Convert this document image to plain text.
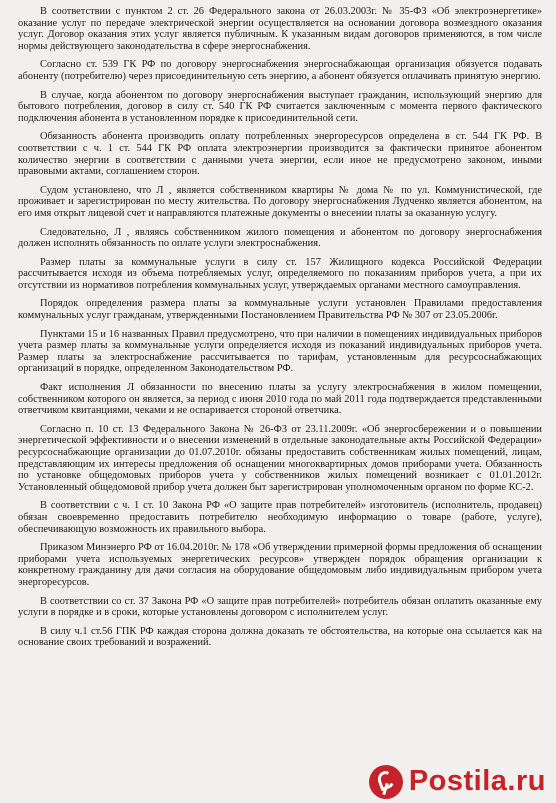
В соответствии с пунктом 2 ст. 26 Федерального закона от 26.03.2003г. № 35-ФЗ «Об электроэнергетике» оказание услуг по передаче электрической энергии осуществляется на основании договора возмездного оказания услуг. Договор оказания этих услуг является публичным. К указанным видам договоров применяются, в том числе нормы действующего законодательства в сфере энергоснабжения.

Согласно ст. 539 ГК РФ по договору энергоснабжения энергоснабжающая организация обязуется подавать абоненту (потребителю) через присоединительную сеть энергию, а абонент обязуется оплачивать принятую энергию.

В случае, когда абонентом по договору энергоснабжения выступает гражданин, использующий энергию для бытового потребления, договор в силу ст. 540 ГК РФ считается заключенным с момента первого фактического подключения абонента в установленном порядке к присоединительной сети.

Обязанность абонента производить оплату потребленных энергоресурсов определена в ст. 544 ГК РФ. В соответствии с ч. 1 ст. 544 ГК РФ оплата электроэнергии производится за фактически принятое абонентом количество энергии в соответствии с данными учета энергии, если иное не предусмотрено законом, иными правовыми актами, соглашением сторон.

Судом установлено, что Л , является собственником квартиры № дома № по ул. Коммунистической, где проживает и зарегистрирован по месту жительства. По договору энергоснабжения Лудченко является абонентом, на его имя открыт лицевой счет и направляются платежные документы о внесении платы за оказанную услугу.

Следовательно, Л , являясь собственником жилого помещения и абонентом по договору энергоснабжения должен исполнять обязанность по оплате услуги электроснабжения.

Размер платы за коммунальные услуги в силу ст. 157 Жилищного кодекса Российской Федерации рассчитывается исходя из объема потребляемых услуг, определяемого по показаниям приборов учета, а при их отсутствии из нормативов потребления коммунальных услуг, утверждаемых органами местного самоуправления.

Порядок определения размера платы за коммунальные услуги установлен Правилами предоставления коммунальных услуг гражданам, утвержденными Постановлением Правительства РФ № 307 от 23.05.2006г.

Пунктами 15 и 16 названных Правил предусмотрено, что при наличии в помещениях индивидуальных приборов учета размер платы за коммунальные услуги определяется исходя из показаний индивидуальных приборов учета. Размер платы за электроснабжение рассчитывается по тарифам, установленным для ресурсоснабжающих организаций в порядке, определенном Законодательством РФ.

Факт исполнения Л обязанности по внесению платы за услугу электроснабжения в жилом помещении, собственником которого он является, за период с июня 2010 года по май 2011 года подтверждается представленными ответчиком квитанциями, чеками и не оспаривается стороной ответчика.

Согласно п. 10 ст. 13 Федерального Закона № 26-ФЗ от 23.11.2009г. «Об энергосбережении и о повышении энергетической эффективности и о внесении изменений в отдельные законодательные акты Российской Федерации» ресурсоснабжающие организации до 01.07.2010г. обязаны предоставить собственникам жилых помещений, лицам, представляющим их интересы предложения об оснащении многоквартирных домов приборами учета. Обязанность по установке общедомовых приборов учета у собственников жилых помещений возникает с 01.01.2012г. Установленный общедомовой прибор учета должен быт зарегистрирован уполномоченным органом по форме КС-2.

В соответствии с ч. 1 ст. 10 Закона РФ «О защите прав потребителей» изготовитель (исполнитель, продавец) обязан своевременно предоставить потребителю необходимую информацию о товаре (работе, услуге), обеспечивающую возможность их правильного выбора.

Приказом Минэнерго РФ от 16.04.2010г. № 178 «Об утверждении примерной формы предложения об оснащении приборами учета используемых энергетических ресурсов» утвержден порядок обращения организации к конкретному гражданину для дачи согласия на оборудование общедомовым либо индивидуальным прибором учета энергоресурсов.

В соответствии со ст. 37 Закона РФ «О защите прав потребителей» потребитель обязан оплатить оказанные ему услуги в порядке и в сроки, которые установлены договором с исполнителем услуг.

В силу ч.1 ст.56 ГПК РФ каждая сторона должна доказать те обстоятельства, на которые она ссылается как на основание своих требований и возражений.

Postila.ru
